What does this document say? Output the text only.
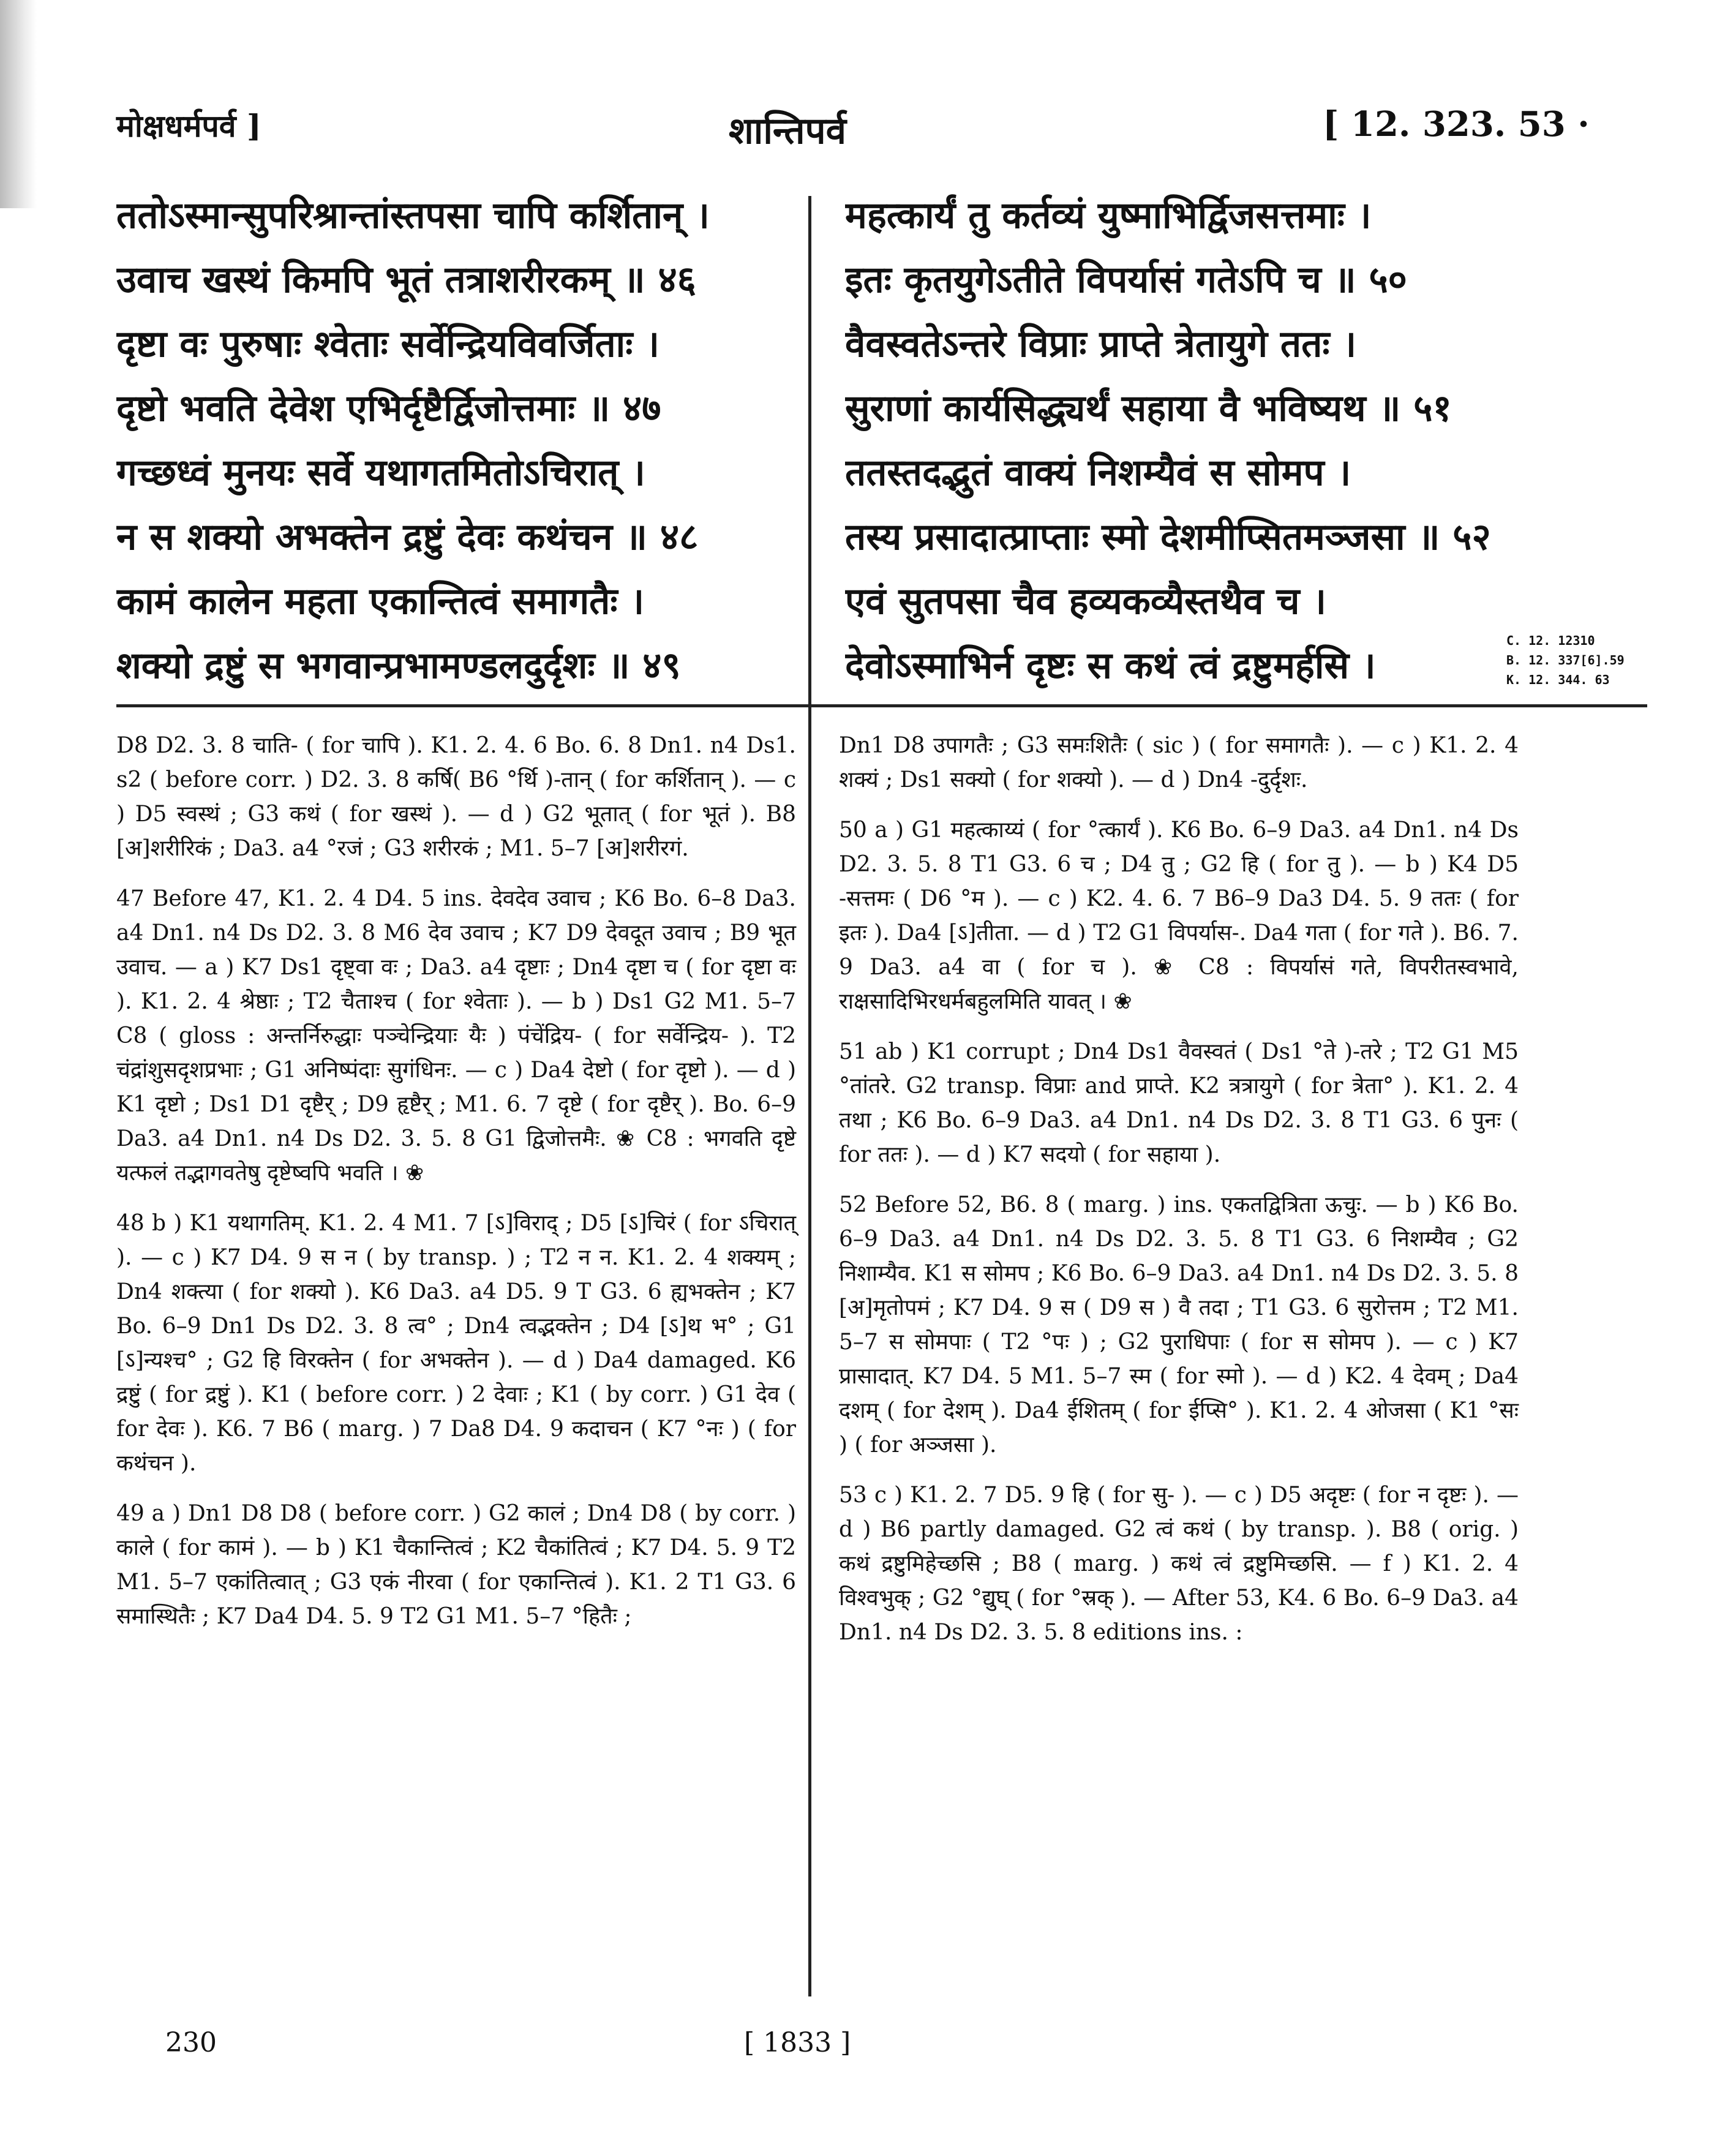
मोक्षधर्मपर्व ]	शान्तिपर्व	[ 12. 323. 53 ·
ततोऽस्मान्सुपरिश्रान्तांस्तपसा चापि कर्शितान् ।
उवाच खस्थं किमपि भूतं तत्राशरीरकम् ॥ ४६
दृष्टा वः पुरुषाः श्वेताः सर्वेन्द्रियविवर्जिताः ।
दृष्टो भवति देवेश एभिर्दृष्टैर्द्विजोत्तमाः ॥ ४७
गच्छध्वं मुनयः सर्वे यथागतमितोऽचिरात् ।
न स शक्यो अभक्तेन द्रष्टुं देवः कथंचन ॥ ४८
कामं कालेन महता एकान्तित्वं समागतैः ।
शक्यो द्रष्टुं स भगवान्प्रभामण्डलदुर्दृशः ॥ ४९
महत्कार्यं तु कर्तव्यं युष्माभिर्द्विजसत्तमाः ।
इतः कृतयुगेऽतीते विपर्यासं गतेऽपि च ॥ ५०
वैवस्वतेऽन्तरे विप्राः प्राप्ते त्रेतायुगे ततः ।
सुराणां कार्यसिद्ध्यर्थं सहाया वै भविष्यथ ॥ ५१
ततस्तदद्भुतं वाक्यं निशम्यैवं स सोमप ।
तस्य प्रसादात्प्राप्ताः स्मो देशमीप्सितमञ्जसा ॥ ५२
एवं सुतपसा चैव हव्यकव्यैस्तथैव च ।
देवोऽस्माभिर्न दृष्टः स कथं त्वं द्रष्टुमर्हसि ।
C. 12. 12310
B. 12. 337[6].59
K. 12. 344. 63

D8 D2. 3. 8 चाति- ( for चापि ). K1. 2. 4. 6 Bo. 6. 8 Dn1. n4 Ds1. s2 ( before corr. ) D2. 3. 8 कर्षि( B6 °र्थि )-तान् ( for कर्शितान् ). — c ) D5 स्वस्थं ; G3 कथं ( for खस्थं ). — d ) G2 भूतात् ( for भूतं ). B8 [अ]शरीरिकं ; Da3. a4 °रजं ; G3 शरीरकं ; M1. 5–7 [अ]शरीरगं.

47 Before 47, K1. 2. 4 D4. 5 ins. देवदेव उवाच ; K6 Bo. 6–8 Da3. a4 Dn1. n4 Ds D2. 3. 8 M6 देव उवाच ; K7 D9 देवदूत उवाच ; B9 भूत उवाच. — a ) K7 Ds1 दृष्ट्वा वः ; Da3. a4 दृष्टाः ; Dn4 दृष्टा च ( for दृष्टा वः ). K1. 2. 4 श्रेष्ठाः ; T2 चैताश्च ( for श्वेताः ). — b ) Ds1 G2 M1. 5–7 C8 ( gloss : अन्तर्निरुद्धाः पञ्चेन्द्रियाः यैः ) पंचेंद्रिय- ( for सर्वेन्द्रिय- ). T2 चंद्रांशुसदृशप्रभाः ; G1 अनिष्पंदाः सुगंधिनः. — c ) Da4 देष्टो ( for दृष्टो ). — d ) K1 दृष्टो ; Ds1 D1 दृष्टैर् ; D9 हृष्टैर् ; M1. 6. 7 दृष्टे ( for दृष्टैर् ). Bo. 6–9 Da3. a4 Dn1. n4 Ds D2. 3. 5. 8 G1 द्विजोत्तमैः. ❀ C8 : भगवति दृष्टे यत्फलं तद्भागवतेषु दृष्टेष्वपि भवति । ❀

48 b ) K1 यथागतिम्. K1. 2. 4 M1. 7 [ऽ]विराद् ; D5 [ऽ]चिरं ( for ऽचिरात् ). — c ) K7 D4. 9 स न ( by transp. ) ; T2 न न. K1. 2. 4 शक्यम् ; Dn4 शक्त्या ( for शक्यो ). K6 Da3. a4 D5. 9 T G3. 6 ह्यभक्तेन ; K7 Bo. 6–9 Dn1 Ds D2. 3. 8 त्व° ; Dn4 त्वद्भक्तेन ; D4 [ऽ]थ भ° ; G1 [ऽ]न्यश्च° ; G2 हि विरक्तेन ( for अभक्तेन ). — d ) Da4 damaged. K6 द्रष्टुं ( for द्रष्टुं ). K1 ( before corr. ) 2 देवाः ; K1 ( by corr. ) G1 देव ( for देवः ). K6. 7 B6 ( marg. ) 7 Da8 D4. 9 कदाचन ( K7 °नः ) ( for कथंचन ).

49 a ) Dn1 D8 D8 ( before corr. ) G2 कालं ; Dn4 D8 ( by corr. ) काले ( for कामं ). — b ) K1 चैकान्तित्वं ; K2 चैकांतित्वं ; K7 D4. 5. 9 T2 M1. 5–7 एकांतित्वात् ; G3 एकं नीरवा ( for एकान्तित्वं ). K1. 2 T1 G3. 6 समास्थितैः ; K7 Da4 D4. 5. 9 T2 G1 M1. 5–7 °हितैः ;

Dn1 D8 उपागतैः ; G3 समःशितैः ( sic ) ( for समागतैः ). — c ) K1. 2. 4 शक्यं ; Ds1 सक्यो ( for शक्यो ). — d ) Dn4 -दुर्दृशः.

50 a ) G1 महत्काय्यं ( for °त्कार्यं ). K6 Bo. 6–9 Da3. a4 Dn1. n4 Ds D2. 3. 5. 8 T1 G3. 6 च ; D4 तु ; G2 हि ( for तु ). — b ) K4 D5 -सत्तमः ( D6 °म ). — c ) K2. 4. 6. 7 B6–9 Da3 D4. 5. 9 ततः ( for इतः ). Da4 [ऽ]तीता. — d ) T2 G1 विपर्यास-. Da4 गता ( for गते ). B6. 7. 9 Da3. a4 वा ( for च ). ❀ C8 : विपर्यासं गते, विपरीतस्वभावे, राक्षसादिभिरधर्मबहुलमिति यावत् । ❀

51 ab ) K1 corrupt ; Dn4 Ds1 वैवस्वतं ( Ds1 °ते )-तरे ; T2 G1 M5 °तांतरे. G2 transp. विप्राः and प्राप्ते. K2 त्रत्रायुगे ( for त्रेता° ). K1. 2. 4 तथा ; K6 Bo. 6–9 Da3. a4 Dn1. n4 Ds D2. 3. 8 T1 G3. 6 पुनः ( for ततः ). — d ) K7 सदयो ( for सहाया ).

52 Before 52, B6. 8 ( marg. ) ins. एकतद्वित्रिता ऊचुः. — b ) K6 Bo. 6–9 Da3. a4 Dn1. n4 Ds D2. 3. 5. 8 T1 G3. 6 निशम्यैव ; G2 निशाम्यैव. K1 स सोमप ; K6 Bo. 6–9 Da3. a4 Dn1. n4 Ds D2. 3. 5. 8 [अ]मृतोपमं ; K7 D4. 9 स ( D9 स ) वै तदा ; T1 G3. 6 सुरोत्तम ; T2 M1. 5–7 स सोमपाः ( T2 °पः ) ; G2 पुराधिपाः ( for स सोमप ). — c ) K7 प्रासादात्. K7 D4. 5 M1. 5–7 स्म ( for स्मो ). — d ) K2. 4 देवम् ; Da4 दशम् ( for देशम् ). Da4 ईशितम् ( for ईप्सि° ). K1. 2. 4 ओजसा ( K1 °सः ) ( for अञ्जसा ).

53 c ) K1. 2. 7 D5. 9 हि ( for सु- ). — c ) D5 अदृष्टः ( for न दृष्टः ). — d ) B6 partly damaged. G2 त्वं कथं ( by transp. ). B8 ( orig. ) कथं द्रष्टुमिहेच्छसि ; B8 ( marg. ) कथं त्वं द्रष्टुमिच्छसि. — f ) K1. 2. 4 विश्वभुक् ; G2 °द्युघ् ( for °स्रक् ). — After 53, K4. 6 Bo. 6–9 Da3. a4 Dn1. n4 Ds D2. 3. 5. 8 editions ins. :

230	[ 1833 ]
